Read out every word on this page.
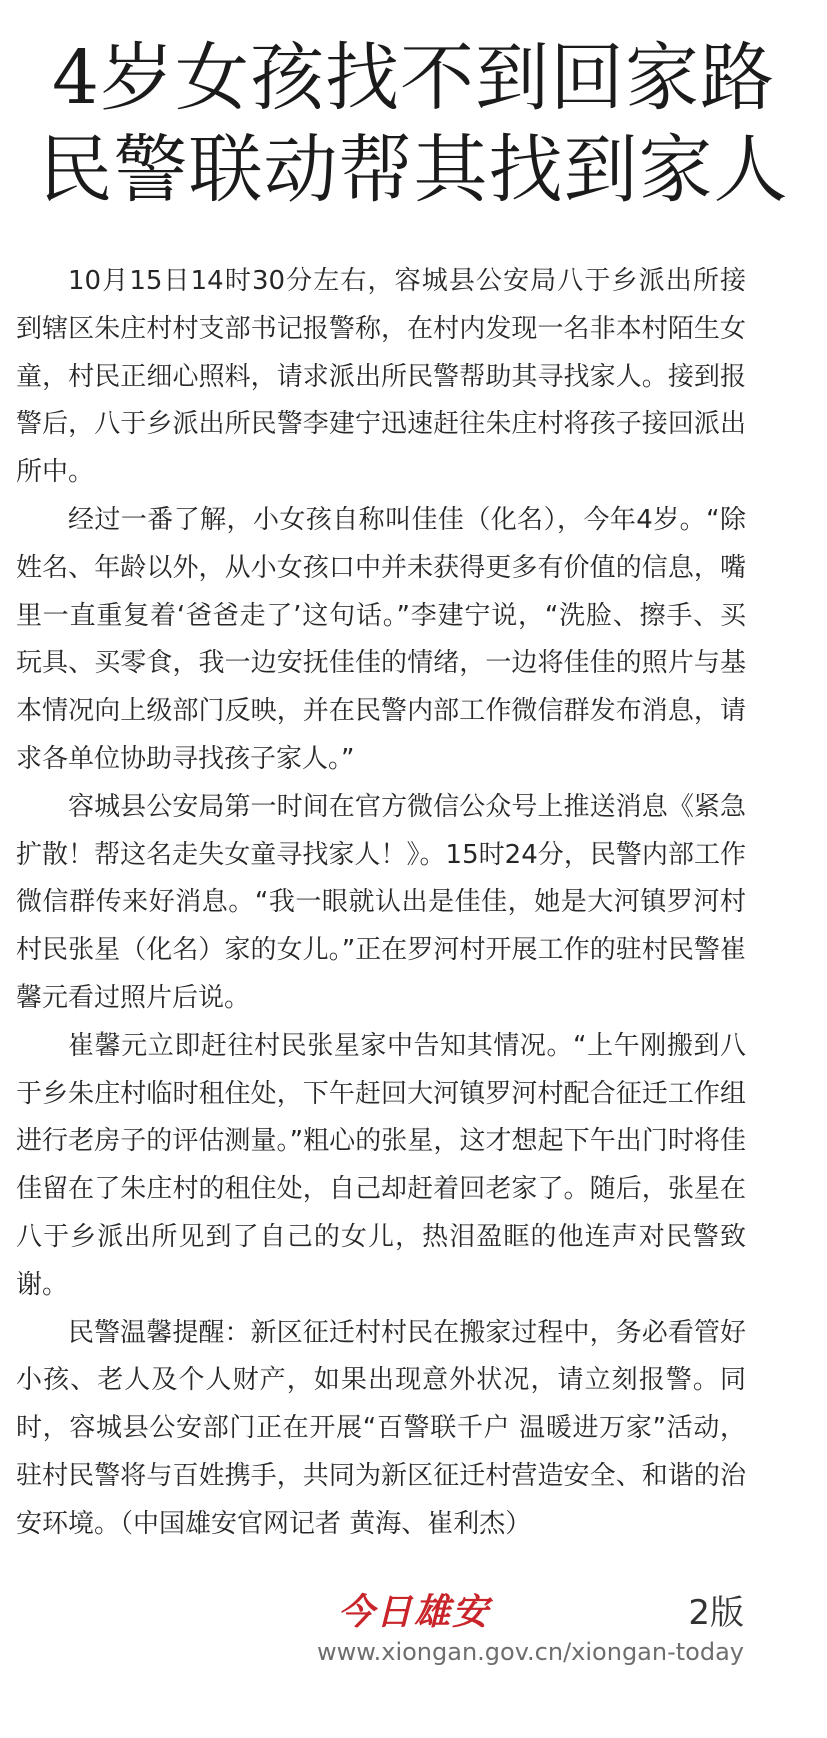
4岁女孩找不到回家路
民警联动帮其找到家人

10月15日14时30分左右，容城县公安局八于乡派出所接到辖区朱庄村村支部书记报警称，在村内发现一名非本村陌生女童，村民正细心照料，请求派出所民警帮助其寻找家人。接到报警后，八于乡派出所民警李建宁迅速赶往朱庄村将孩子接回派出所中。

经过一番了解，小女孩自称叫佳佳（化名），今年4岁。“除姓名、年龄以外，从小女孩口中并未获得更多有价值的信息，嘴里一直重复着‘爸爸走了’这句话。”李建宁说，“洗脸、擦手、买玩具、买零食，我一边安抚佳佳的情绪，一边将佳佳的照片与基本情况向上级部门反映，并在民警内部工作微信群发布消息，请求各单位协助寻找孩子家人。”

容城县公安局第一时间在官方微信公众号上推送消息《紧急扩散！帮这名走失女童寻找家人！》。15时24分，民警内部工作微信群传来好消息。“我一眼就认出是佳佳，她是大河镇罗河村村民张星（化名）家的女儿。”正在罗河村开展工作的驻村民警崔馨元看过照片后说。

崔馨元立即赶往村民张星家中告知其情况。“上午刚搬到八于乡朱庄村临时租住处，下午赶回大河镇罗河村配合征迁工作组进行老房子的评估测量。”粗心的张星，这才想起下午出门时将佳佳留在了朱庄村的租住处，自己却赶着回老家了。随后，张星在八于乡派出所见到了自己的女儿，热泪盈眶的他连声对民警致谢。

民警温馨提醒：新区征迁村村民在搬家过程中，务必看管好小孩、老人及个人财产，如果出现意外状况，请立刻报警。同时，容城县公安部门正在开展“百警联千户 温暖进万家”活动，驻村民警将与百姓携手，共同为新区征迁村营造安全、和谐的治安环境。（中国雄安官网记者 黄海、崔利杰）

今日雄安	2版
www.xiongan.gov.cn/xiongan-today
